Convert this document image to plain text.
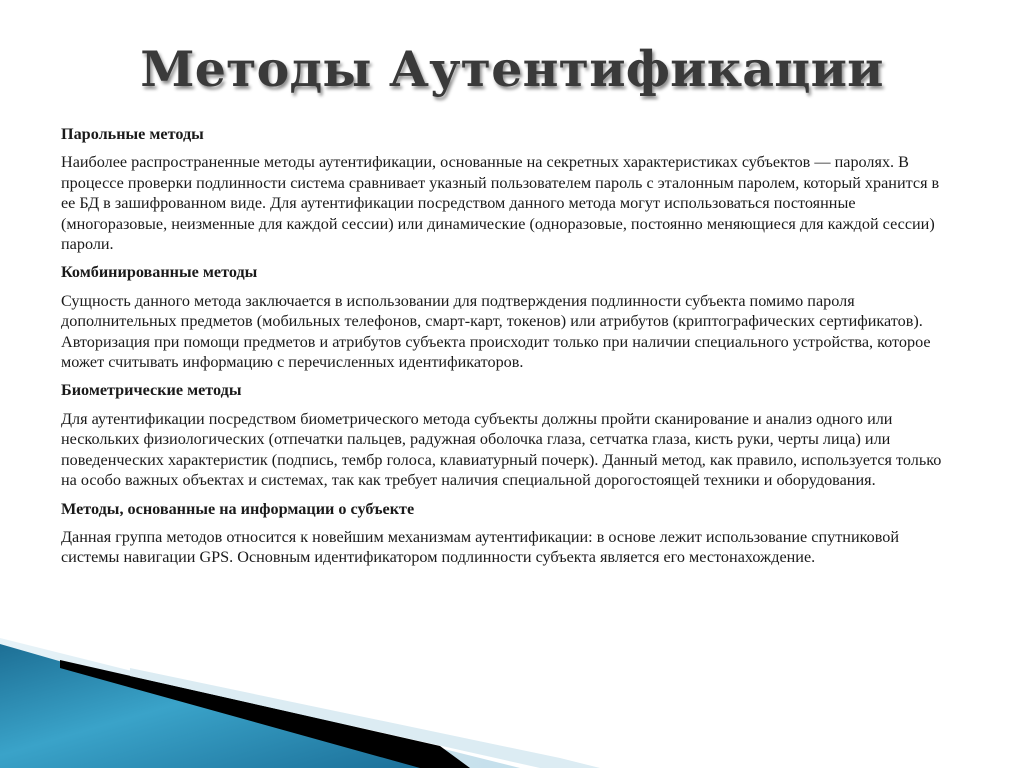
Методы Аутентификации
Парольные методы
Наиболее распространенные методы аутентификации, основанные на секретных характеристиках субъектов — паролях. В процессе проверки подлинности система сравнивает указный пользователем пароль с эталонным паролем, который хранится в ее БД в зашифрованном виде. Для аутентификации посредством данного метода могут использоваться постоянные (многоразовые, неизменные для каждой сессии) или динамические (одноразовые, постоянно меняющиеся для каждой сессии) пароли.
Комбинированные методы
Сущность данного метода заключается в использовании для подтверждения подлинности субъекта помимо пароля дополнительных предметов (мобильных телефонов, смарт-карт, токенов) или атрибутов (криптографических сертификатов). Авторизация при помощи предметов и атрибутов субъекта происходит только при наличии специального устройства, которое может считывать информацию с перечисленных идентификаторов.
Биометрические методы
Для аутентификации посредством биометрического метода субъекты должны пройти сканирование и анализ одного или нескольких физиологических (отпечатки пальцев, радужная оболочка глаза, сетчатка глаза, кисть руки, черты лица) или поведенческих характеристик (подпись, тембр голоса, клавиатурный почерк). Данный метод, как правило, используется только на особо важных объектах и системах, так как требует наличия специальной дорогостоящей техники и оборудования.
Методы, основанные на информации о субъекте
Данная группа методов относится к новейшим механизмам аутентификации: в основе лежит использование спутниковой системы навигации GPS. Основным идентификатором подлинности субъекта является его местонахождение.
